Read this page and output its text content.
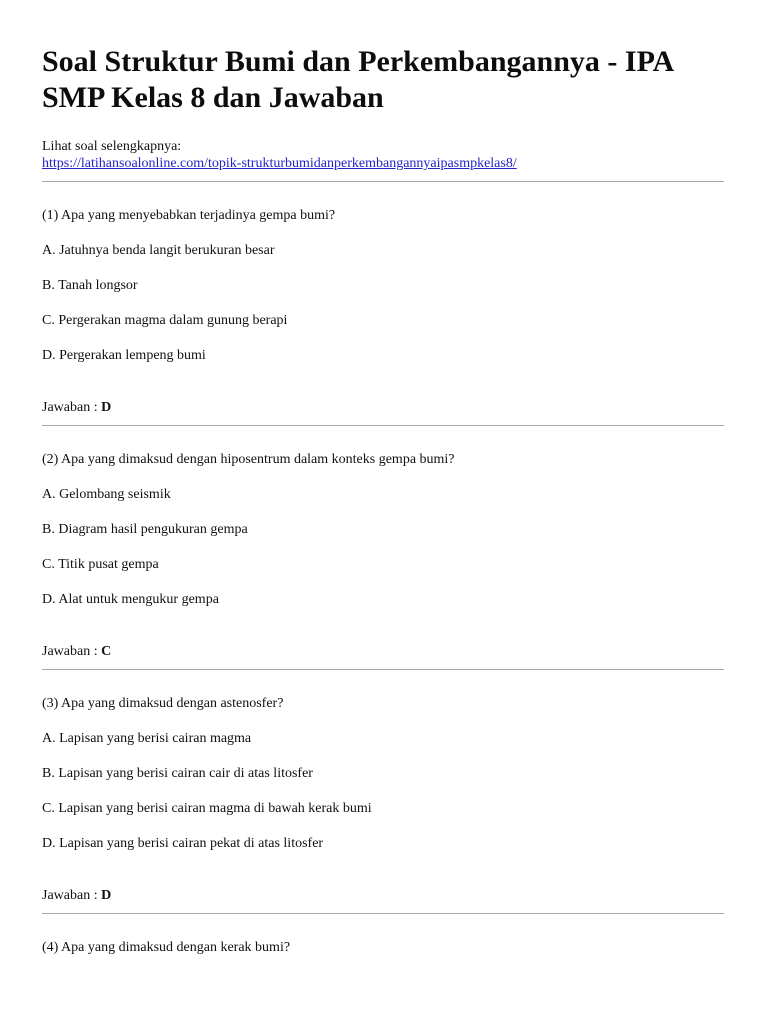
Soal Struktur Bumi dan Perkembangannya - IPA SMP Kelas 8 dan Jawaban
Lihat soal selengkapnya:
https://latihansoalonline.com/topik-strukturbumidanperkembangannyaipasmpkelas8/
(1) Apa yang menyebabkan terjadinya gempa bumi?
A. Jatuhnya benda langit berukuran besar
B. Tanah longsor
C. Pergerakan magma dalam gunung berapi
D. Pergerakan lempeng bumi
Jawaban : D
(2) Apa yang dimaksud dengan hiposentrum dalam konteks gempa bumi?
A. Gelombang seismik
B. Diagram hasil pengukuran gempa
C. Titik pusat gempa
D. Alat untuk mengukur gempa
Jawaban : C
(3) Apa yang dimaksud dengan astenosfer?
A. Lapisan yang berisi cairan magma
B. Lapisan yang berisi cairan cair di atas litosfer
C. Lapisan yang berisi cairan magma di bawah kerak bumi
D. Lapisan yang berisi cairan pekat di atas litosfer
Jawaban : D
(4) Apa yang dimaksud dengan kerak bumi?
